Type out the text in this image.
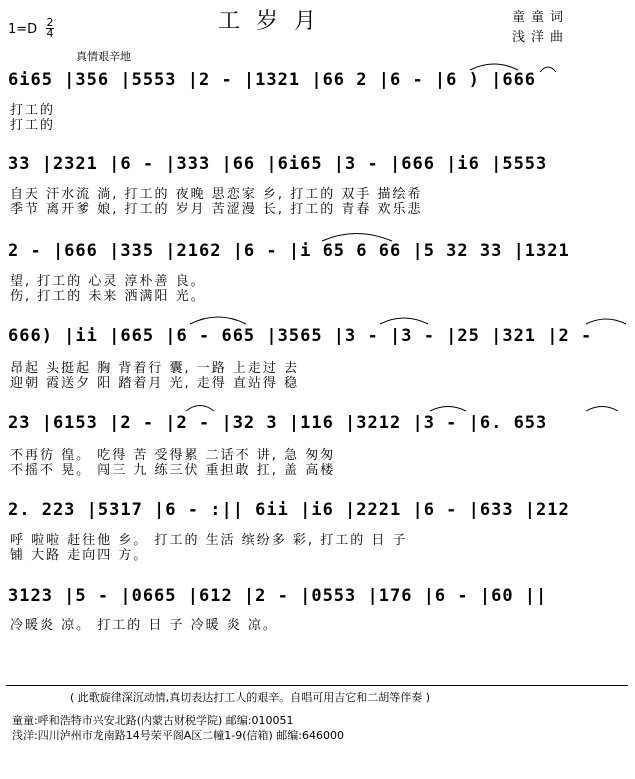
工岁月
1=D 2
4
真情艰辛地
童童词
浅洋曲
6i65 |356 |5553 |2 - |1321 |66 2 |6 - |6 ) |666
打工的
打工的
33 |2321 |6 - |333 |66 |6i65 |3 - |666 |i6 |5553
自天 汗水流 淌, 打工的 夜晚 思恋家 乡, 打工的 双手 描绘希
季节 离开爹 娘, 打工的 岁月 苦涩漫 长, 打工的 青春 欢乐悲
2 - |666 |335 |2162 |6 - |i 65 6 66 |5 32 33 |1321
望, 打工的 心灵 淳朴善 良。
伤, 打工的 未来 洒满阳 光。
666) |ii |665 |6 - 665 |3565 |3 - |3 - |25 |321 |2 -
昂起 头挺起 胸 背着行 囊, 一路 上走过 去
迎朝 霞送夕 阳 踏着月 光, 走得 直站得 稳
23 |6153 |2 - |2 - |32 3 |116 |3212 |3 - |6. 653
不再彷 徨。 吃得 苦 受得累 二话不 讲, 急 匆匆
不摇不 晃。 闯三 九 练三伏 重担敢 扛, 盖 高楼
2. 223 |5317 |6 - :|| 6ii |i6 |2221 |6 - |633 |212
呼 啦啦 赶往他 乡。 打工的 生活 缤纷多 彩, 打工的 日 子
铺 大路 走向四 方。
3123 |5 - |0665 |612 |2 - |0553 |176 |6 - |60 ||
冷暖炎 凉。 打工的 日 子 冷暖 炎 凉。
( 此歌旋律深沉动情,真切表达打工人的艰辛。自唱可用吉它和二胡等伴奏 )
童童:呼和浩特市兴安北路(内蒙古财税学院) 邮编:010051
浅洋:四川泸州市龙南路14号荣平阁A区二幢1-9(信箱) 邮编:646000
